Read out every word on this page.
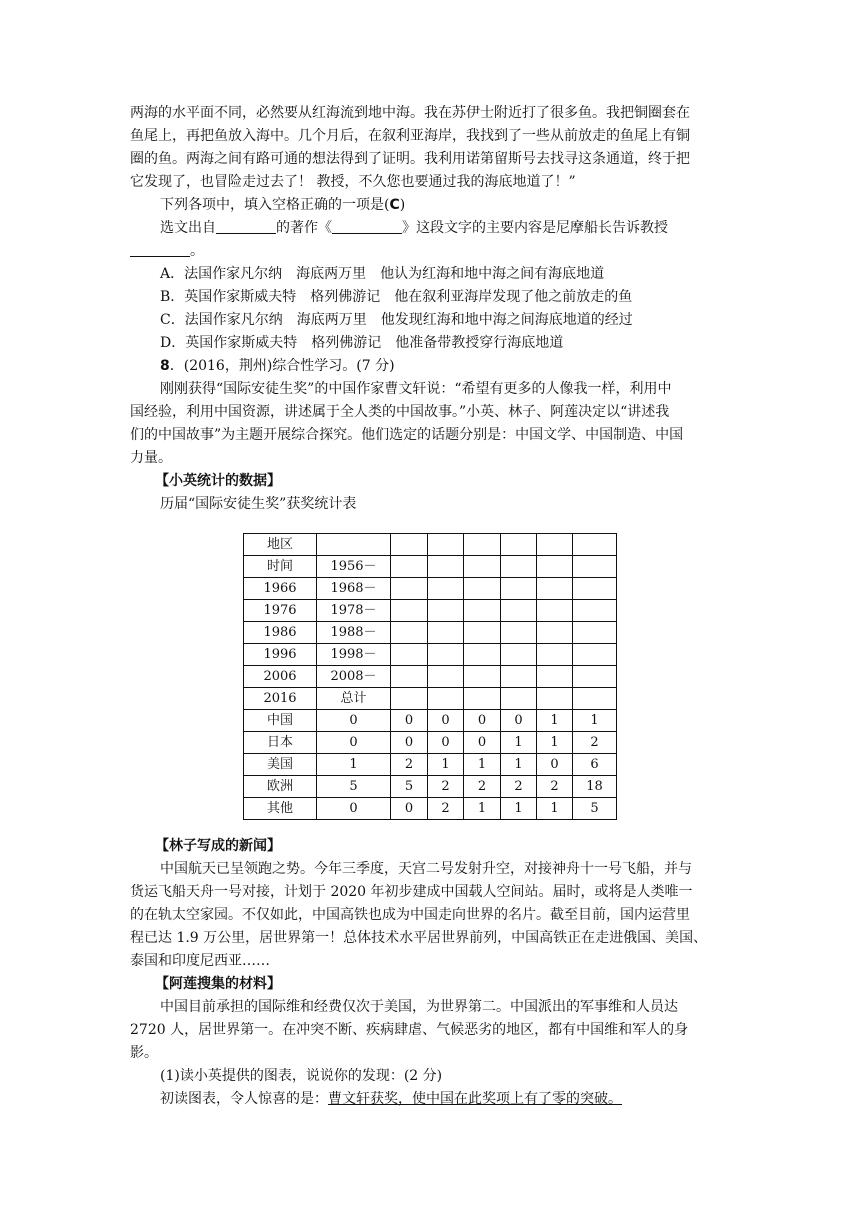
两海的水平面不同，必然要从红海流到地中海。我在苏伊士附近打了很多鱼。我把铜圈套在

鱼尾上，再把鱼放入海中。几个月后，在叙利亚海岸，我找到了一些从前放走的鱼尾上有铜

圈的鱼。两海之间有路可通的想法得到了证明。我利用诺第留斯号去找寻这条通道，终于把

它发现了，也冒险走过去了！ 教授，不久您也要通过我的海底地道了！”

下列各项中，填入空格正确的一项是(C)

选文出自	的著作《	》这段文字的主要内容是尼摩船长告诉教授

。

A．法国作家凡尔纳　海底两万里　他认为红海和地中海之间有海底地道

B．英国作家斯威夫特　格列佛游记　他在叙利亚海岸发现了他之前放走的鱼

C．法国作家凡尔纳　海底两万里　他发现红海和地中海之间海底地道的经过

D．英国作家斯威夫特　格列佛游记　他准备带教授穿行海底地道

8．(2016，荆州)综合性学习。(7 分)

刚刚获得“国际安徒生奖”的中国作家曹文轩说：“希望有更多的人像我一样，利用中

国经验，利用中国资源，讲述属于全人类的中国故事。”小英、林子、阿莲决定以“讲述我

们的中国故事”为主题开展综合探究。他们选定的话题分别是：中国文学、中国制造、中国

力量。

【小英统计的数据】

历届“国际安徒生奖”获奖统计表

地区							
时间	1956－						
1966	1968－						
1976	1978－						
1986	1988－						
1996	1998－						
2006	2008－						
2016	总计						
中国	0	0	0	0	0	1	1
日本	0	0	0	0	1	1	2
美国	1	2	1	1	1	0	6
欧洲	5	5	2	2	2	2	18
其他	0	0	2	1	1	1	5

【林子写成的新闻】

中国航天已呈领跑之势。今年三季度，天宫二号发射升空，对接神舟十一号飞船，并与

货运飞船天舟一号对接，计划于 2020 年初步建成中国载人空间站。届时，或将是人类唯一

的在轨太空家园。不仅如此，中国高铁也成为中国走向世界的名片。截至目前，国内运营里

程已达 1.9 万公里，居世界第一！总体技术水平居世界前列，中国高铁正在走进俄国、美国、

泰国和印度尼西亚……

【阿莲搜集的材料】

中国目前承担的国际维和经费仅次于美国，为世界第二。中国派出的军事维和人员达

2720 人，居世界第一。在冲突不断、疾病肆虐、气候恶劣的地区，都有中国维和军人的身

影。

(1)读小英提供的图表，说说你的发现：(2 分)

初读图表，令人惊喜的是：曹文轩获奖，使中国在此奖项上有了零的突破。
